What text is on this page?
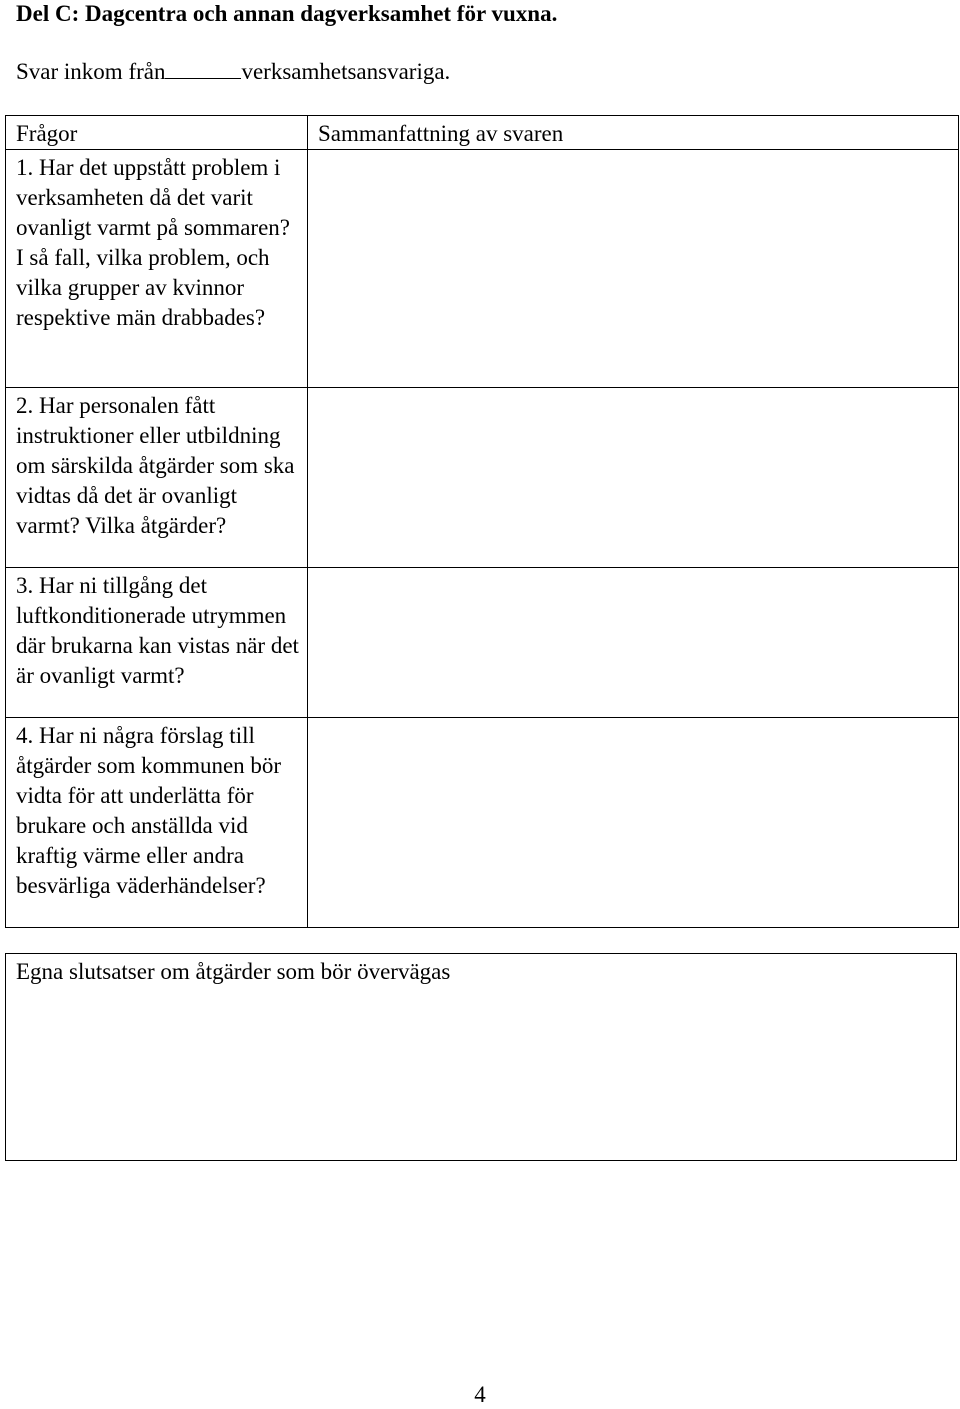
Del C: Dagcentra och annan dagverksamhet för vuxna.
Svar inkom från	verksamhetsansvariga.
Frågor	Sammanfattning av svaren

1. Har det uppstått problem i verksamheten då det varit ovanligt varmt på sommaren? I så fall, vilka problem, och vilka grupper av kvinnor respektive män drabbades?	

2. Har personalen fått instruktioner eller utbildning om särskilda åtgärder som ska vidtas då det är ovanligt varmt? Vilka åtgärder?	

3. Har ni tillgång det luftkonditionerade utrymmen där brukarna kan vistas när det är ovanligt varmt?	

4. Har ni några förslag till åtgärder som kommunen bör vidta för att underlätta för brukare och anställda vid kraftig värme eller andra besvärliga väderhändelser?	

Egna slutsatser om åtgärder som bör övervägas
4
